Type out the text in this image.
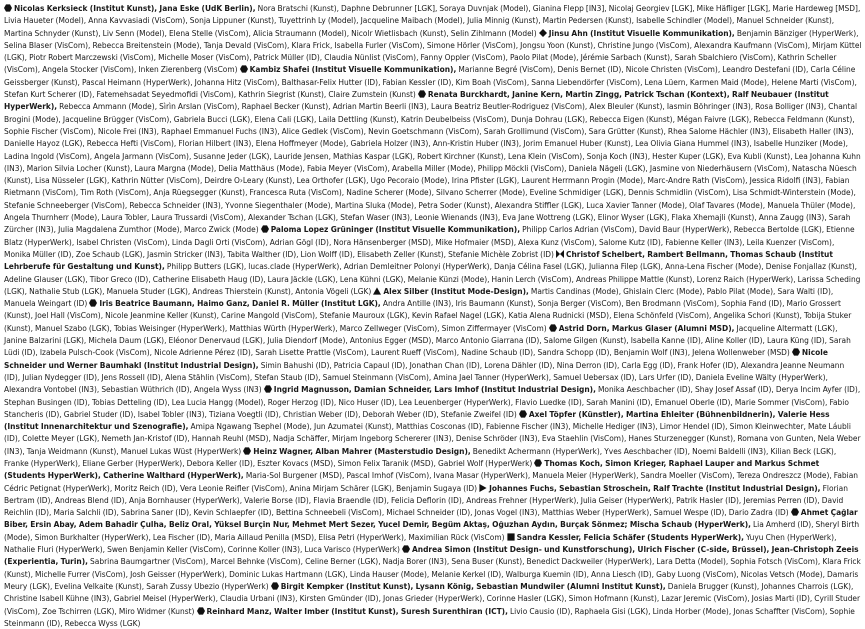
Nicolas Kerksieck (Institut Kunst), Jana Eske (UdK Berlin), Nora Bratschi (Kunst), Daphne Debrunner [LGK], Soraya Duvnjak (Model), Gianina Flepp [IN3], Nicolaj Georgiev [LGK], Mike Häfliger [LGK], Marie Hardeweg [MSD], Livia Haueter (Model), Anna Kavvasiadi (VisCom), Sonja Lippuner (Kunst), Tuyettrinh Ly (Model), Jacqueline Maibach (Model), Julia Minnig (Kunst), Martin Pedersen (Kunst), Isabelle Schindler (Model), Manuel Schneider (Kunst), Martina Schnyder (Kunst), Liv Senn (Model), Elena Stelle (VisCom), Alicia Straumann (Model), Nicolr Wietlisbach (Kunst), Selin Zihlmann (Model)
Jinsu Ahn (Institut Visuelle Kommunikation), Benjamin Bänziger (HyperWerk), Selina Blaser (VisCom), Rebecca Breitenstein (Mode), Tanja Devald (VisCom), Klara Frick, Isabella Furler (VisCom), Simone Hörler (VisCom), Jongsu Yoon (Kunst), Christine Jungo (VisCom), Alexandra Kaufmann (VisCom), Mirjam Küttel (LGK), Piotr Robert Marczewski (VisCom), Michelle Moser (VisCom), Patrick Müller (ID), Claudia Nünlist (VisCom), Fanny Oppler (VisCom), Paolo Pilat (Mode), Jérémie Sarbach (Kunst), Sarah Sbalchiero (VisCom), Kathrin Scheller (VisCom), Angela Stocker (VisCom), Inken Zierenberg (VisCom)
Kambiz Shafei (Institut Visuelle Kommunikation), Marianne Begré (VisCom), Denis Bernet (ID), Nicole Christen (VisCom), Leandro Destefani (ID), Carla Céline Geissberger (Kunst), Pascal Heimann (HyperWerk), Johanna Hitz (VisCom), Balthasar-Felix Hutter (ID), Fabian Kessler (ID), Kim Boah (VisCom), Sanna Liebendörfer (VisCom), Lena Lüern, Karmen Maid (Mode), Helene Marti (VisCom), Stefan Kurt Scherer (ID), Fatemehsadat Seyedmofidi (VisCom), Kathrin Siegrist (Kunst), Claire Zumstein (Kunst)
Renata Burckhardt, Janine Kern, Martin Zingg, Patrick Tschan (Kontext), Ralf Neubauer (Institut HyperWerk), Rebecca Ammann (Mode), Sìrìn Arslan (VisCom), Raphael Becker (Kunst), Adrian Martin Beerli (IN3), Laura Beatriz Beutler-Rodriguez (VisCom), Alex Bleuler (Kunst), Iasmin Böhringer (IN3), Rosa Bolliger (IN3), Chantal Brogini (Mode), Jacqueline Brügger (VisCom), Gabriela Bucci (LGK), Elena Cali (LGK), Laila Dettling (Kunst), Katrin Deubelbeiss (VisCom), Dunja Dohrau (LGK), Rebecca Eigen (Kunst), Mégan Faivre (LGK), Rebecca Feldmann (Kunst), Sophie Fischer (VisCom), Nicole Frei (IN3), Raphael Emmanuel Fuchs (IN3), Alice Gedlek (VisCom), Nevin Goetschmann (VisCom), Sarah Grollimund (VisCom), Sara Grütter (Kunst), Rhea Salome Hächler (IN3), Elisabeth Haller (IN3), Danielle Hayoz (LGK), Rebecca Hefti (VisCom), Florian Hilbert (IN3), Elena Hoffmeyer (Mode), Gabriela Holzer (IN3), Ann-Kristin Huber (IN3), Jorim Emanuel Huber (Kunst), Lea Olivia Giana Hummel (IN3), Isabelle Hunziker (Mode), Ladina Ingold (VisCom), Angela Jarmann (VisCom), Susanne Jeder (LGK), Lauride Jensen, Mathias Kaspar (LGK), Robert Kirchner (Kunst), Lena Klein (VisCom), Sonja Koch (IN3), Hester Kuper (LGK), Eva Kubli (Kunst), Lea Johanna Kuhn (IN3), Marion Silvia Locher (Kunst), Laura Margna (Mode), Delia Matthäus (Mode), Fabia Meyer (VisCom), Arabella Miller (Mode), Philipp Möckli (VisCom), Daniela Nägeli (LGK), Jasmine von Niederhäusern (VisCom), Natascha Nüesch (Kunst), Lisa Nüsseler (LGK), Kathrin Nütter (VisCom), Deirdre O›Leary (Kunst), Lea Orthofer (LGK), Ugo Pecoraio (Mode), Irina Pfister (LGK), Laurent Herrmann Progin (Mode), Marc-Andre Rath (VisCom), Jessica Ridolfi (IN3), Fabian Rietmann (VisCom), Tim Roth (VisCom), Anja Rüegsegger (Kunst), Francesca Ruta (VisCom), Nadine Scherer (Mode), Silvano Scherrer (Mode), Eveline Schmidiger (LGK), Dennis Schmidlin (VisCom), Lisa Schmidt-Winterstein (Mode), Stefanie Schneeberger (VisCom), Rebecca Schneider (IN3), Yvonne Siegenthaler (Mode), Martina Sluka (Mode), Petra Soder (Kunst), Alexandra Stiffler (LGK), Luca Xavier Tanner (Mode), Olaf Tavares (Mode), Manuela Thüler (Mode), Angela Thurnherr (Mode), Laura Tobler, Laura Trussardi (VisCom), Alexander Tschan (LGK), Stefan Waser (IN3), Leonie Wienands (IN3), Eva Jane Wottreng (LGK), Elinor Wyser (LGK), Flaka Xhemajli (Kunst), Anna Zaugg (IN3), Sarah Zürcher (IN3), Julia Magdalena Zumthor (Mode), Marco Zwick (Mode)
Paloma Lopez Grüninger (Institut Visuelle Kommunikation), Philipp Carlos Adrian (VisCom), David Baur (HyperWerk), Rebecca Bertolde (LGK), Etienne Blatz (HyperWerk), Isabel Christen (VisCom), Linda Dagli Orti (VisCom), Adrian Gögl (ID), Nora Hänsenberger (MSD), Mike Hofmaier (MSD), Alexa Kunz (VisCom), Salome Kutz (ID), Fabienne Keller (IN3), Leila Kuenzer (VisCom), Monika Müller (ID), Zoe Schaub (LGK), Jasmin Stricker (IN3), Tabita Walther (ID), Lion Wolff (ID), Elisabeth Zeller (Kunst), Stefanie Michèle Zobrist (ID)
Christof Schelbert, Rambert Bellmann, Thomas Schaub (Institut Lehrberufe für Gestaltung und Kunst), Philipp Butters (LGK), lucas.clade (HyperWerk), Adrian Demleitner Polonyi (HyperWerk), Danja Célina Fasel (LGK), Julianna Filep (LGK), Anna-Lena Fischer (Mode), Denise Fonjallaz (Kunst), Adeline Glauser (LGK), Tibor Greco (ID), Catherine Elisabeth Haug (ID), Laura Jäckle (LGK), Lena Kühni (LGK), Melanie Künzi (Mode), Hanin Lerch (VisCom), Andreas Philippe Mattle (Kunst), Lorenz Raich (HyperWerk), Larissa Scheding (LGK), Nathalie Stub (LGK), Manuela Studer (LGK), Andreas Thierstein (Kunst), Antonia Vögeli (LGK)
Alex Silber (Institut Mode-Design), Martis Candinas (Mode), Ghislain Clerc (Mode), Pablo Pilat (Mode), Sara Walti (ID), Manuela Weingart (ID)
Iris Beatrice Baumann, Haimo Ganz, Daniel R. Müller (Institut LGK), Andra Antille (IN3), Iris Baumann (Kunst), Sonja Berger (VisCom), Ben Brodmann (VisCom), Sophia Fand (ID), Mario Grossert (Kunst), Joel Hall (VisCom), Nicole Jeanmine Keller (Kunst), Carine Mangold (VisCom), Stefanie Mauroux (LGK), Kevin Rafael Nagel (LGK), Katia Alena Rudnicki (MSD), Elena Schönfeld (VisCom), Angelika Schori (Kunst), Tobija Stuker (Kunst), Manuel Szabo (LGK), Tobias Weisinger (HyperWerk), Matthias Würth (HyperWerk), Marco Zellweger (VisCom), Simon Ziffermayer (VisCom)
Astrid Dorn, Markus Glaser (Alumni MSD), Jacqueline Altermatt (LGK), Janine Balzarini (LGK), Michela Daum (LGK), Eléonor Denervaud (LGK), Julia Diendorf (Mode), Antonius Egger (MSD), Marco Antonio Giarrana (ID), Salome Gilgen (Kunst), Isabella Kanne (ID), Aline Koller (ID), Laura Küng (ID), Sarah Lüdi (ID), Izabela Pulsch-Cook (VisCom), Nicole Adrienne Pérez (ID), Sarah Lisette Prattle (VisCom), Laurent Rueff (VisCom), Nadine Schaub (ID), Sandra Schopp (ID), Benjamin Wolf (IN3), Jelena Wollenweber (MSD)
Nicole Schneider und Werner Baumhakl (Institut Industrial Design), Simin Bahushi (ID), Patricia Capaul (ID), Jonathan Chan (ID), Lorena Dähler (ID), Nina Derron (ID), Carla Egg (ID), Frank Hofer (ID), Alexandra Jeanne Neumann (ID), Julian Nydegger (ID), Jens Rossell (ID), Alena Stählin (VisCom), Stefan Staub (ID), Samuel Steinmann (VisCom), Amina Jael Tanner (HyperWerk), Samuel Uebersax (ID), Lars Urfer (ID), Daniela Eveline Wälty (HyperWerk), Alexandra Vontobel (IN3), Sebastian Wüthrich (ID), Angela Wyss (IN3)
Ingrid Magnusson, Damian Schneider, Lars Imhof (Institut Industrial Design), Monika Aeschbacher (ID), Shay Josef Assaf (ID), Derya Incim Ayfer (ID), Stephan Busingen (ID), Tobias Detteling (ID), Lea Lucia Hangg (Model), Roger Herzog (ID), Nico Huser (ID), Lea Leuenberger (HyperWerk), Flavio Luedke (ID), Sarah Manini (ID), Emanuel Oberle (ID), Marie Sommer (VisCom), Fabio Stancheris (ID), Gabriel Studer (ID), Isabel Tobler (IN3), Tiziana Voegtli (ID), Christian Weber (ID), Deborah Weber (ID), Stefanie Zweifel (ID)
Axel Töpfer (Künstler), Martina Ehleiter (Bühnenbildnerin), Valerie Hess (Institut Innenarchitektur und Szenografie), Amipa Ngawang Tsephel (Mode), Jun Azumatei (Kunst), Matthias Cosconas (ID), Fabienne Fischer (IN3), Michelle Hediger (IN3), Limor Hendel (ID), Simon Kleinwechter, Mate Láubli (ID), Colette Meyer (LGK), Nemeth Jan-Kristof (ID), Hannah Reuhl (MSD), Nadja Schäffer, Mirjam Ingeborg Schererer (IN3), Denise Schröder (IN3), Eva Staehlin (VisCom), Hanes Sturzenegger (Kunst), Romana von Gunten, Nela Weber (IN3), Tanja Weidmann (Kunst), Manuel Lukas Wüst (HyperWerk)
Heinz Wagner, Alban Mahrer (Masterstudio Design), Benedikt Achermann (HyperWerk), Yves Aeschbacher (ID), Noemi Baldelli (IN3), Kilian Beck (LGK), Franke (HyperWerk), Eliane Gerber (HyperWerk), Debora Keller (ID), Eszter Kovacs (MSD), Simon Felix Taranik (MSD), Gabriel Wolf (HyperWerk)
Thomas Koch, Simon Krieger, Raphael Lauper and Markus Schmet (Students HyperWerk), Catherine Walthard (HyperWerk), Maria-Sol Burgener (MSD), Pascal Imhof (VisCom), Ivana Masar (HyperWerk), Manuela Meier (HyperWerk), Sandra Moeller (VisCom), Tereza Ondreszcz (Mode), Fabian Cédric Petignat (HyperWerk), Moritz Reich (ID), Vera Leonie Reifler (VisCom), Anina Mirjam Schärer (LGK), Benjamin Sugaya (ID)
Johannes Fuchs, Sebastian Stroschein, Ralf Trachte (Institut Industrial Design), Florian Bertram (ID), Andreas Blend (ID), Anja Bornhauser (HyperWerk), Valerie Borse (ID), Flavia Braendle (ID), Felicia Deflorin (ID), Andreas Frehner (HyperWerk), Julia Geiser (HyperWerk), Patrik Hasler (ID), Jeremias Perren (ID), David Reichlin (ID), Maria Salchli (ID), Sabrina Saner (ID), Kevin Schlaepfer (ID), Bettina Schneebeli (VisCom), Michael Schneider (ID), Jonas Vogel (IN3), Matthias Weber (HyperWerk), Samuel Wespe (ID), Dario Zadra (ID)
Ahmet Çağlar Biber, Ersin Abay, Adem Bahadir Çulha, Beliz Oral, Yüksel Burçin Nur, Mehmet Mert Sezer, Yucel Demir, Begüm Aktaş, Oğuzhan Aydın, Burçak Sönmez; Mischa Schaub (HyperWerk), Lia Amherd (ID), Sheryl Birth (Mode), Simon Burkhalter (HyperWerk), Lea Fischer (ID), Maria Aillaud Penilla (MSD), Elisa Petri (HyperWerk), Maximilian Rück (VisCom)
Sandra Kessler, Felicia Schäfer (Students HyperWerk), Yuyu Chen (HyperWerk), Nathalie Fluri (HyperWerk), Swen Benjamin Keller (VisCom), Corinne Koller (IN3), Luca Varisco (HyperWerk)
Andrea Simon (Institut Design- und Kunstforschung), Ulrich Fischer (C-side, Brüssel), Jean-Christoph Zeeis (Experientia, Turin), Sabrina Baumgartner (VisCom), Marcel Behnke (VisCom), Celine Berner (LGK), Nadja Borer (IN3), Sena Buser (Kunst), Benedict Dackweiler (HyperWerk), Lara Detta (Model), Sophia Fotsch (VisCom), Klara Frick (Kunst), Michelle Furrer (VisCom), Josh Geisser (HyperWerk), Dominic Lukas Hartmann (LGK), Linda Hauser (Mode), Melanie Kerkel (ID), Walburga Kuemin (ID), Anna Liesch (ID), Gaby Luong (VisCom), Nicolas Vetsch (Mode), Damaris Meury (LGK), Evelina Velkaite (Kunst), Sarah Zussy Ubezio (HyperWerk)
Birgit Kempker (Institut Kunst), Lysann König, Sebastian Mundwiler (Alumni Institut Kunst), Daniela Brugger (Kunst), Johannes Charrois (LGK), Christine Isabell Kühne (IN3), Gabriel Meisel (HyperWerk), Claudia Urbani (IN3), Kirsten Gmünder (ID), Jonas Grieder (HyperWerk), Corinne Hasler (LGK), Simon Hofmann (Kunst), Lazar Jeremic (VisCom), Josias Marti (ID), Cyrill Studer (VisCom), Zoe Tschirren (LGK), Miro Widmer (Kunst)
Reinhard Manz, Walter Imber (Institut Kunst), Suresh Surenthiran (ICT), Livio Causio (ID), Raphaela Gisi (LGK), Linda Horber (Mode), Jonas Schaffter (VisCom), Sophie Steinmann (ID), Rebecca Wyss (LGK)
